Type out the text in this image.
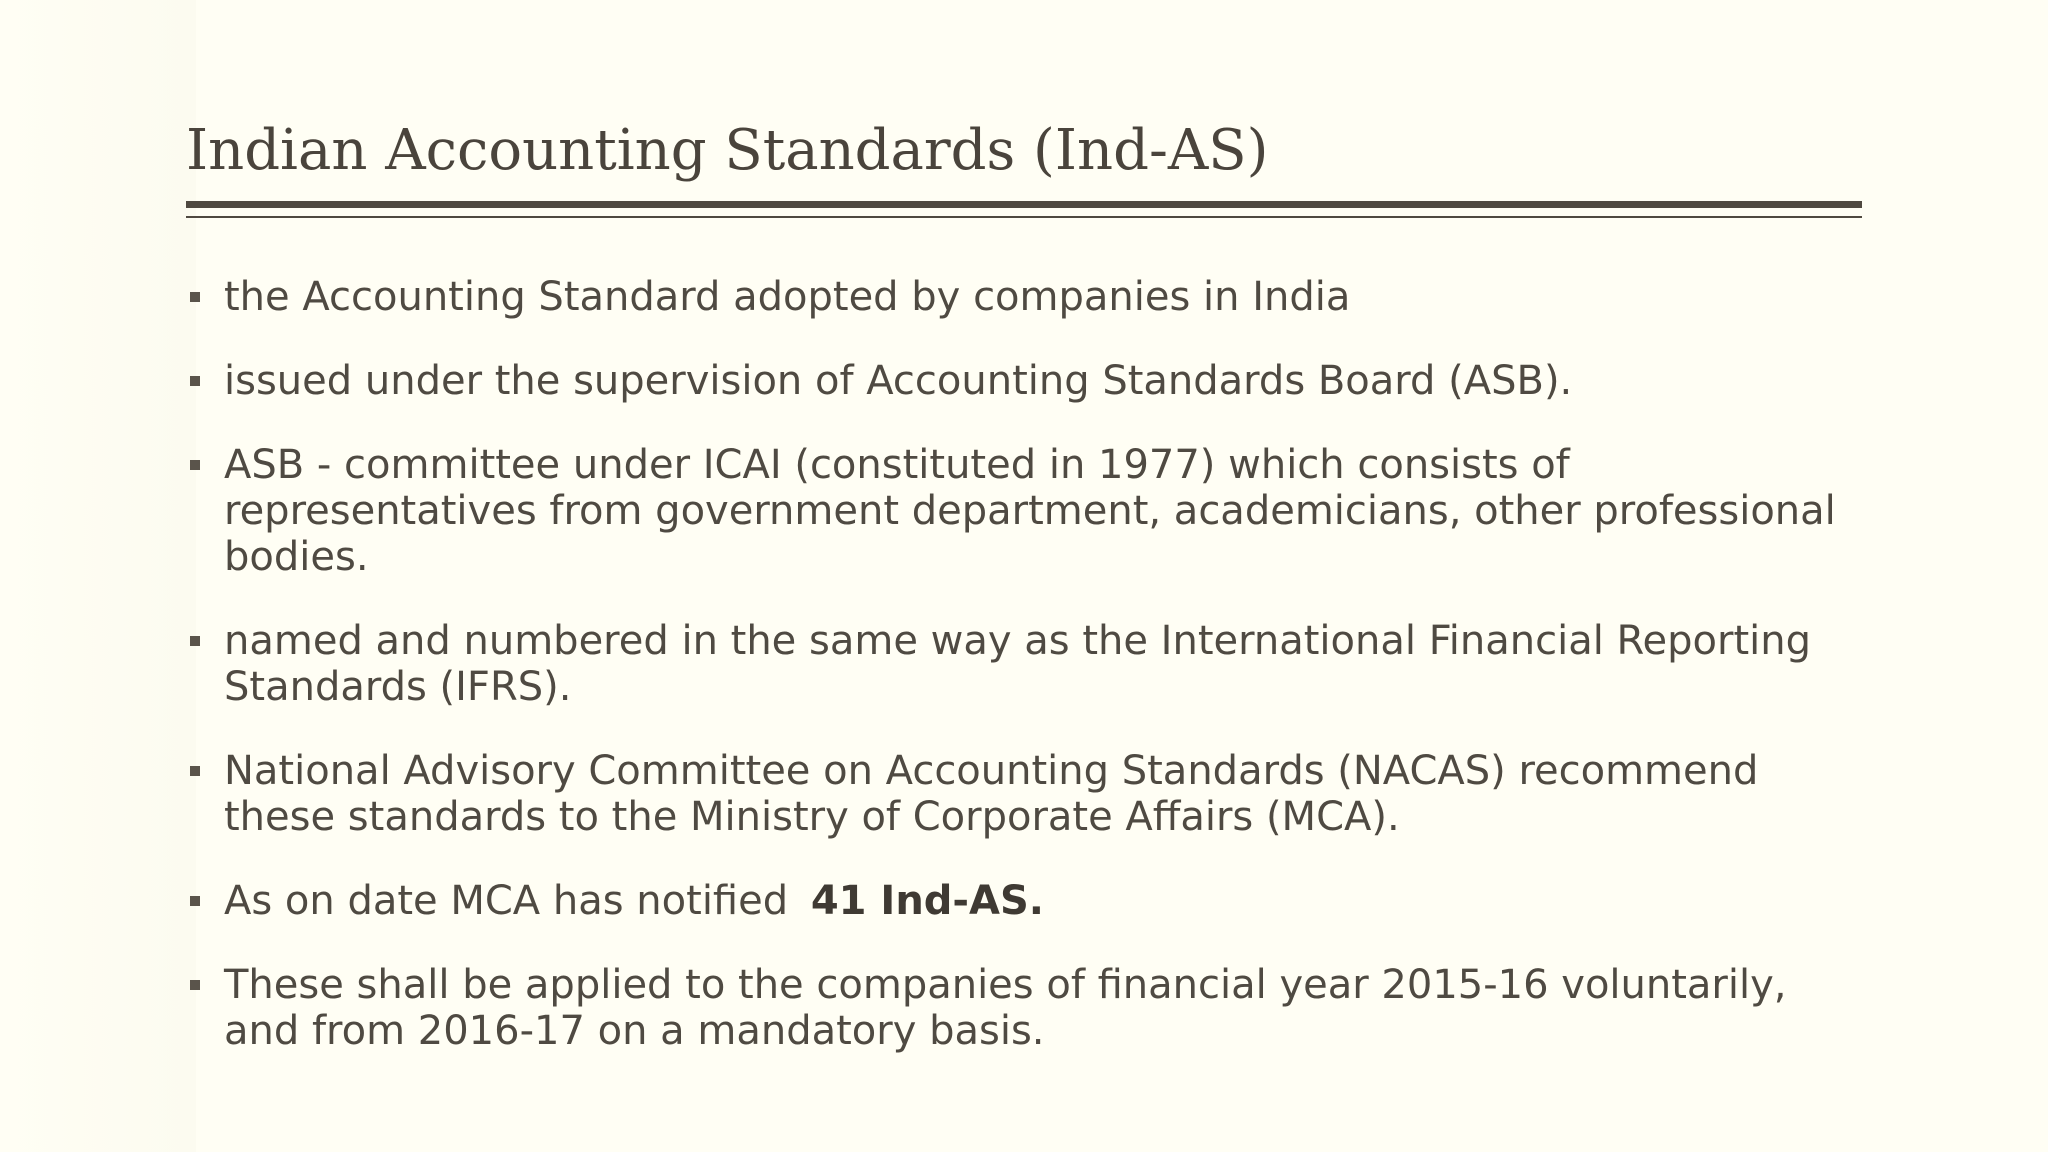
Indian Accounting Standards (Ind-AS)
the Accounting Standard adopted by companies in India
issued under the supervision of Accounting Standards Board (ASB).
ASB - committee under ICAI (constituted in 1977) which consists of representatives from government department, academicians, other professional bodies.
named and numbered in the same way as the International Financial Reporting Standards (IFRS).
National Advisory Committee on Accounting Standards (NACAS) recommend these standards to the Ministry of Corporate Affairs (MCA).
As on date MCA has notified 41 Ind-AS.
These shall be applied to the companies of financial year 2015-16 voluntarily, and from 2016-17 on a mandatory basis.
